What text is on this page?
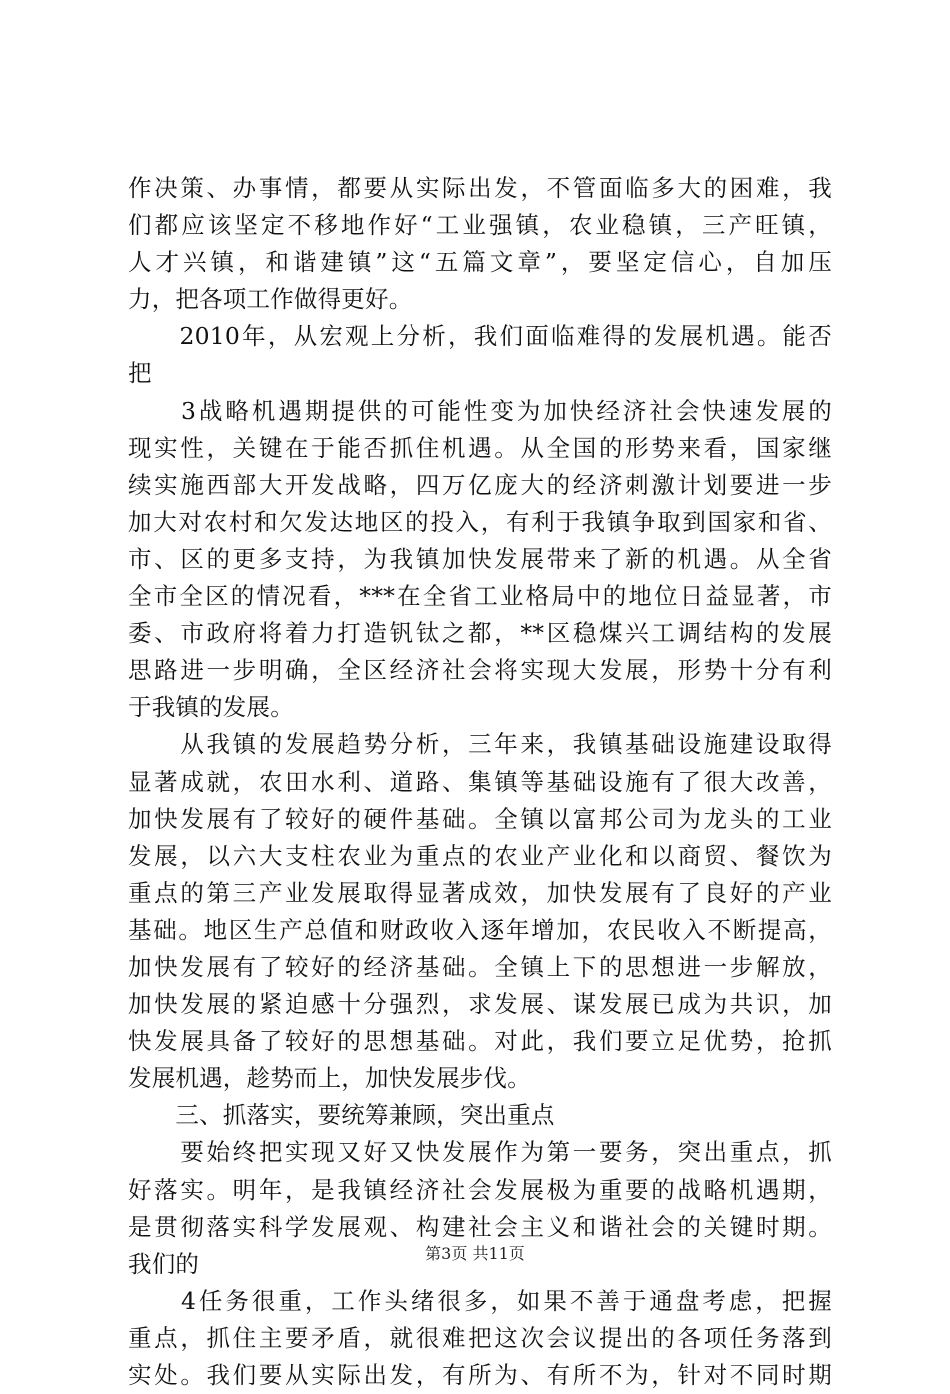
作决策、办事情，都要从实际出发，不管面临多大的困难，我
们都应该坚定不移地作好“工业强镇，农业稳镇，三产旺镇，
人才兴镇，和谐建镇”这“五篇文章”，要坚定信心，自加压
力，把各项工作做得更好。
　　2010年，从宏观上分析，我们面临难得的发展机遇。能否
把
　　3战略机遇期提供的可能性变为加快经济社会快速发展的
现实性，关键在于能否抓住机遇。从全国的形势来看，国家继
续实施西部大开发战略，四万亿庞大的经济刺激计划要进一步
加大对农村和欠发达地区的投入，有利于我镇争取到国家和省、
市、区的更多支持，为我镇加快发展带来了新的机遇。从全省
全市全区的情况看，***在全省工业格局中的地位日益显著，市
委、市政府将着力打造钒钛之都，**区稳煤兴工调结构的发展
思路进一步明确，全区经济社会将实现大发展，形势十分有利
于我镇的发展。
　　从我镇的发展趋势分析，三年来，我镇基础设施建设取得
显著成就，农田水利、道路、集镇等基础设施有了很大改善，
加快发展有了较好的硬件基础。全镇以富邦公司为龙头的工业
发展，以六大支柱农业为重点的农业产业化和以商贸、餐饮为
重点的第三产业发展取得显著成效，加快发展有了良好的产业
基础。地区生产总值和财政收入逐年增加，农民收入不断提高，
加快发展有了较好的经济基础。全镇上下的思想进一步解放，
加快发展的紧迫感十分强烈，求发展、谋发展已成为共识，加
快发展具备了较好的思想基础。对此，我们要立足优势，抢抓
发展机遇，趁势而上，加快发展步伐。
　　三、抓落实，要统筹兼顾，突出重点
　　要始终把实现又好又快发展作为第一要务，突出重点，抓
好落实。明年，是我镇经济社会发展极为重要的战略机遇期，
是贯彻落实科学发展观、构建社会主义和谐社会的关键时期。
我们的
　　4任务很重，工作头绪很多，如果不善于通盘考虑，把握
重点，抓住主要矛盾，就很难把这次会议提出的各项任务落到
实处。我们要从实际出发，有所为、有所不为，针对不同时期
第3页 共11页
